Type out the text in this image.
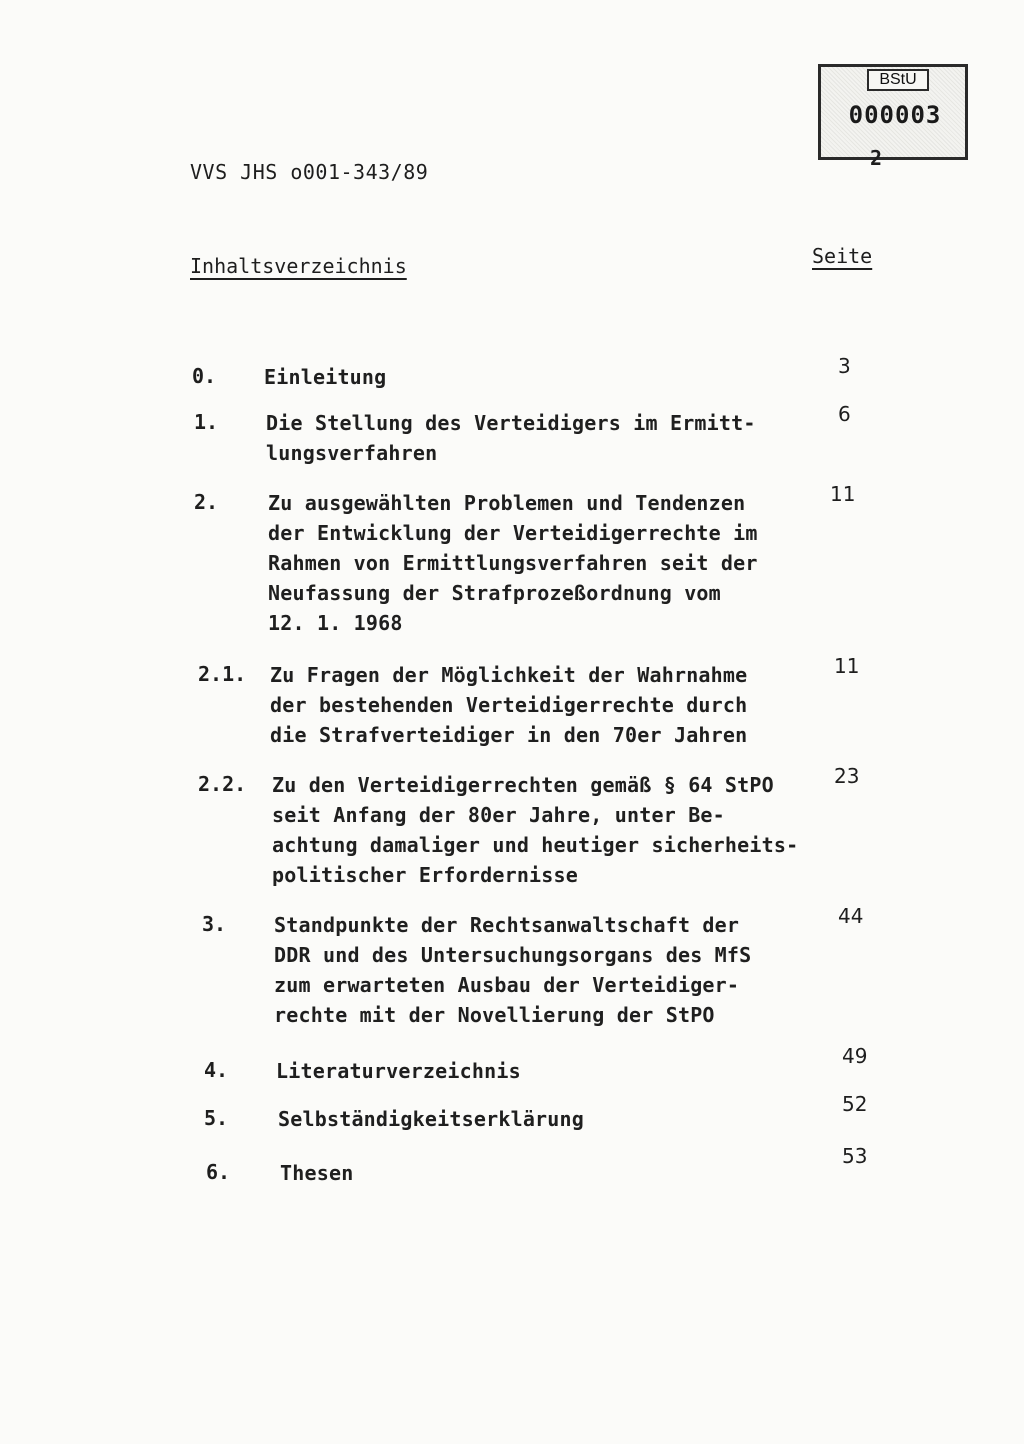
BStU
000003
2
VVS JHS o001-343/89
Inhaltsverzeichnis	Seite
0. Einleitung	3
1. Die Stellung des Verteidigers im Ermitt-
lungsverfahren
6
2. Zu ausgewählten Problemen und Tendenzen
der Entwicklung der Verteidigerrechte im
Rahmen von Ermittlungsverfahren seit der
Neufassung der Strafprozeßordnung vom
12. 1. 1968
11
2.1. Zu Fragen der Möglichkeit der Wahrnahme
der bestehenden Verteidigerrechte durch
die Strafverteidiger in den 70er Jahren
11
2.2. Zu den Verteidigerrechten gemäß § 64 StPO
seit Anfang der 80er Jahre, unter Be-
achtung damaliger und heutiger sicherheits-
politischer Erfordernisse
23
3. Standpunkte der Rechtsanwaltschaft der
DDR und des Untersuchungsorgans des MfS
zum erwarteten Ausbau der Verteidiger-
rechte mit der Novellierung der StPO
44
4. Literaturverzeichnis
49
5. Selbständigkeitserklärung
52
6. Thesen
53
